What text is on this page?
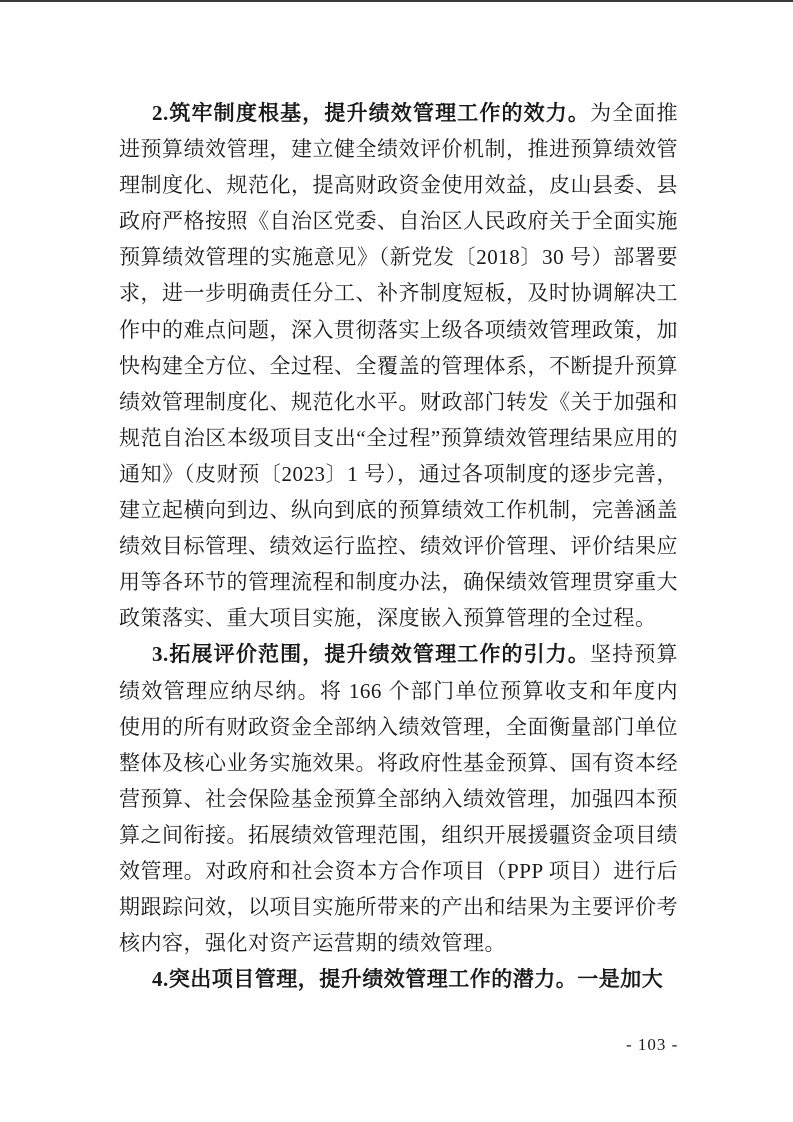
2.筑牢制度根基，提升绩效管理工作的效力。为全面推进预算绩效管理，建立健全绩效评价机制，推进预算绩效管理制度化、规范化，提高财政资金使用效益，皮山县委、县政府严格按照《自治区党委、自治区人民政府关于全面实施预算绩效管理的实施意见》（新党发〔2018〕30 号）部署要求，进一步明确责任分工、补齐制度短板，及时协调解决工作中的难点问题，深入贯彻落实上级各项绩效管理政策，加快构建全方位、全过程、全覆盖的管理体系，不断提升预算绩效管理制度化、规范化水平。财政部门转发《关于加强和规范自治区本级项目支出“全过程”预算绩效管理结果应用的通知》（皮财预〔2023〕1 号），通过各项制度的逐步完善，建立起横向到边、纵向到底的预算绩效工作机制，完善涵盖绩效目标管理、绩效运行监控、绩效评价管理、评价结果应用等各环节的管理流程和制度办法，确保绩效管理贯穿重大政策落实、重大项目实施，深度嵌入预算管理的全过程。

3.拓展评价范围，提升绩效管理工作的引力。坚持预算绩效管理应纳尽纳。将 166 个部门单位预算收支和年度内使用的所有财政资金全部纳入绩效管理，全面衡量部门单位整体及核心业务实施效果。将政府性基金预算、国有资本经营预算、社会保险基金预算全部纳入绩效管理，加强四本预算之间衔接。拓展绩效管理范围，组织开展援疆资金项目绩效管理。对政府和社会资本方合作项目（PPP 项目）进行后期跟踪问效，以项目实施所带来的产出和结果为主要评价考核内容，强化对资产运营期的绩效管理。

4.突出项目管理，提升绩效管理工作的潜力。一是加大

- 103 -
